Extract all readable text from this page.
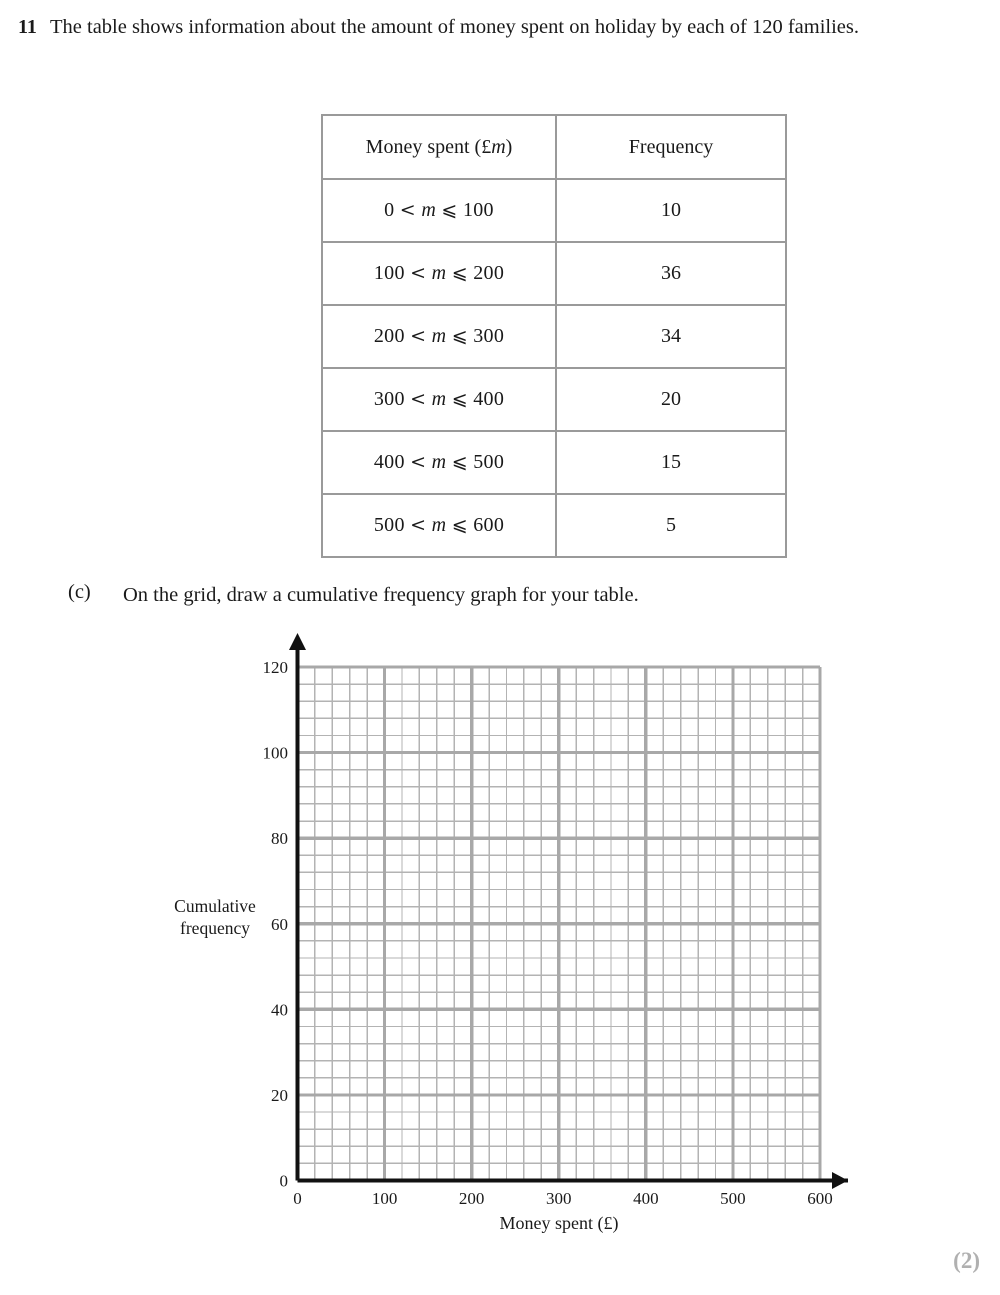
11 The table shows information about the amount of money spent on holiday by each of 120 families.
Money spent (£m)	Frequency
0 < m ⩽ 100	10
100 < m ⩽ 200	36
200 < m ⩽ 300	34
300 < m ⩽ 400	20
400 < m ⩽ 500	15
500 < m ⩽ 600	5
(c) On the grid, draw a cumulative frequency graph for your table.
0	100	200	300	400	500	600
0
20
40
60
80
100
120
Money spent (£)
Cumulative
frequency
(2)
